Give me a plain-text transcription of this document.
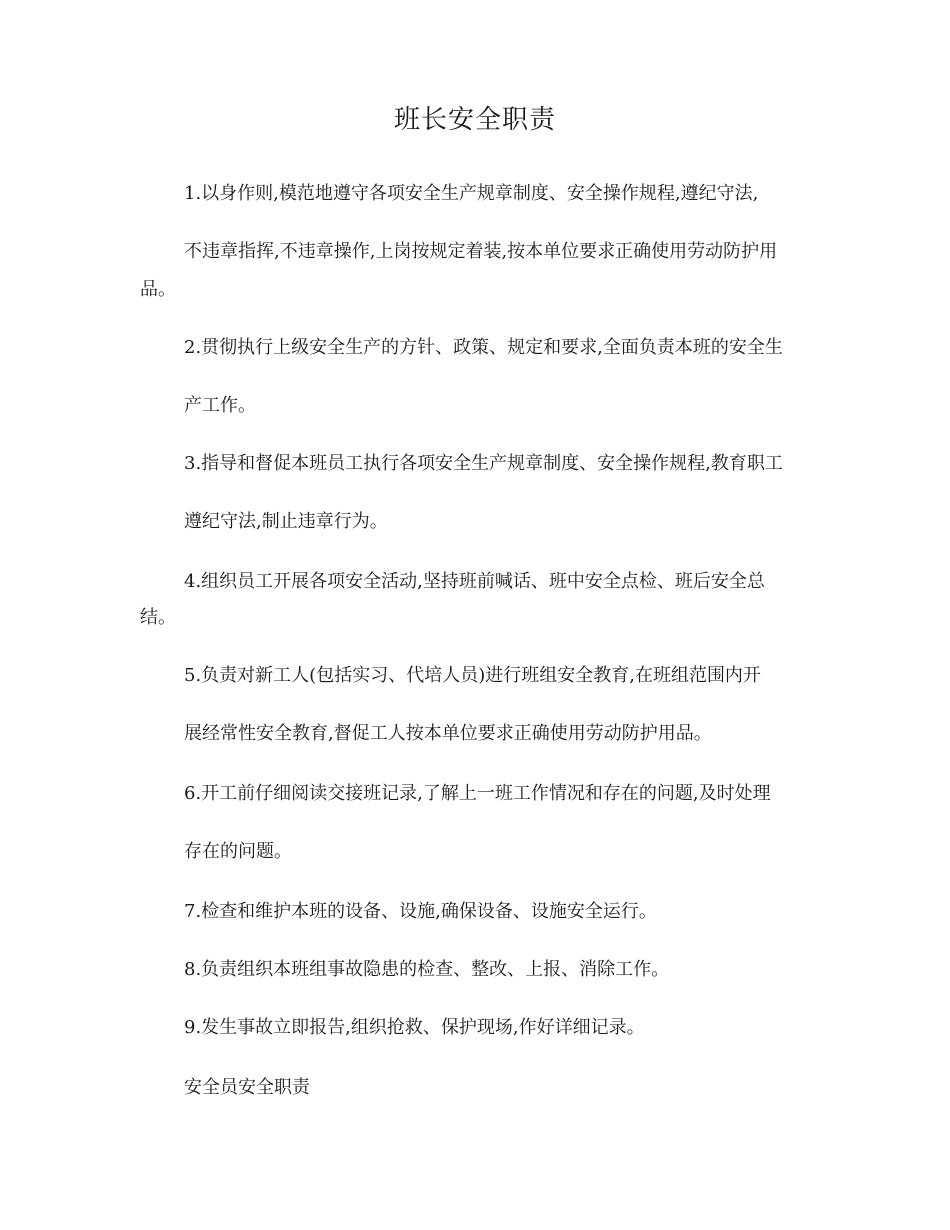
班长安全职责
1.以身作则,模范地遵守各项安全生产规章制度、安全操作规程,遵纪守法,
不违章指挥,不违章操作,上岗按规定着装,按本单位要求正确使用劳动防护用
品。
2.贯彻执行上级安全生产的方针、政策、规定和要求,全面负责本班的安全生
产工作。
3.指导和督促本班员工执行各项安全生产规章制度、安全操作规程,教育职工
遵纪守法,制止违章行为。
4.组织员工开展各项安全活动,坚持班前喊话、班中安全点检、班后安全总
结。
5.负责对新工人(包括实习、代培人员)进行班组安全教育,在班组范围内开
展经常性安全教育,督促工人按本单位要求正确使用劳动防护用品。
6.开工前仔细阅读交接班记录,了解上一班工作情况和存在的问题,及时处理
存在的问题。
7.检查和维护本班的设备、设施,确保设备、设施安全运行。
8.负责组织本班组事故隐患的检查、整改、上报、消除工作。
9.发生事故立即报告,组织抢救、保护现场,作好详细记录。
安全员安全职责
